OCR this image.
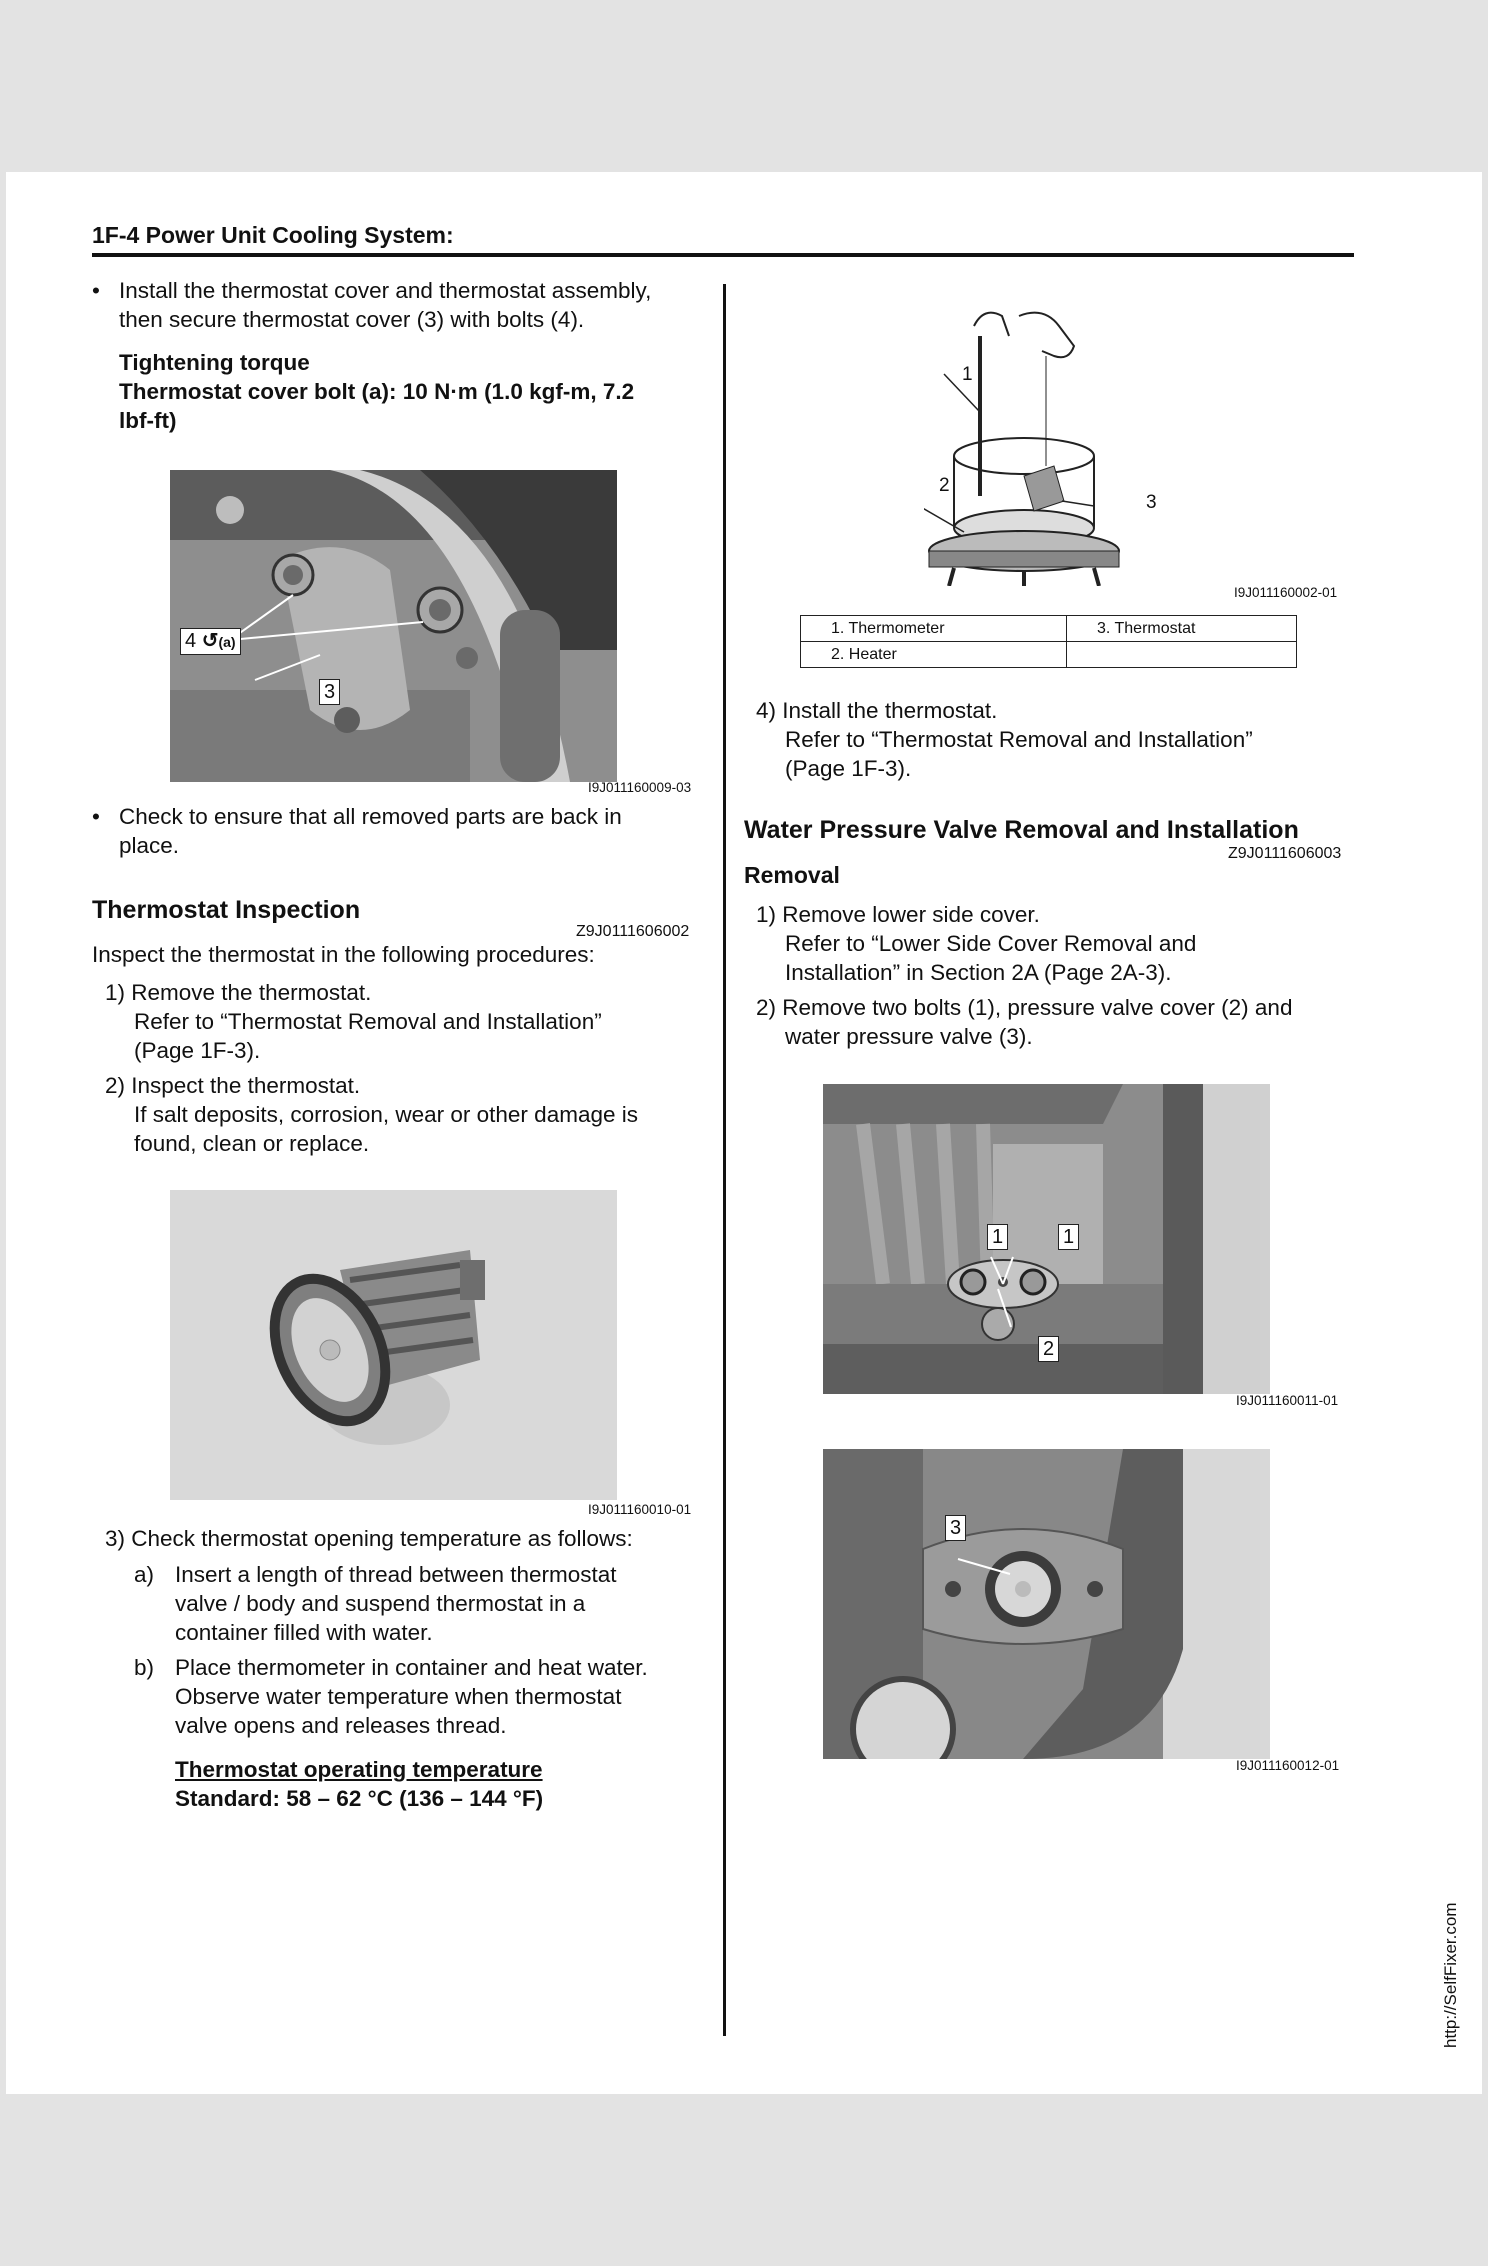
1F-4 Power Unit Cooling System:
• Install the thermostat cover and thermostat assembly,
then secure thermostat cover (3) with bolts (4).
Tightening torque
Thermostat cover bolt (a): 10 N·m (1.0 kgf-m, 7.2
lbf-ft)
4 ↺(a)
3
I9J011160009-03
• Check to ensure that all removed parts are back in
place.
Thermostat Inspection
Z9J0111606002
Inspect the thermostat in the following procedures:
1) Remove the thermostat.
Refer to “Thermostat Removal and Installation”
(Page 1F-3).
2) Inspect the thermostat.
If salt deposits, corrosion, wear or other damage is
found, clean or replace.
I9J011160010-01
3) Check thermostat opening temperature as follows:
a) Insert a length of thread between thermostat
valve / body and suspend thermostat in a
container filled with water.
b) Place thermometer in container and heat water.
Observe water temperature when thermostat
valve opens and releases thread.
Thermostat operating temperature
Standard: 58 – 62 °C (136 – 144 °F)
1
2
3
I9J011160002-01
1. Thermometer	3. Thermostat
2. Heater	
4) Install the thermostat.
Refer to “Thermostat Removal and Installation”
(Page 1F-3).
Water Pressure Valve Removal and Installation
Z9J0111606003
Removal
1) Remove lower side cover.
Refer to “Lower Side Cover Removal and
Installation” in Section 2A (Page 2A-3).
2) Remove two bolts (1), pressure valve cover (2) and
water pressure valve (3).
1	1
2
I9J011160011-01
3
I9J011160012-01
http://SelfFixer.com
